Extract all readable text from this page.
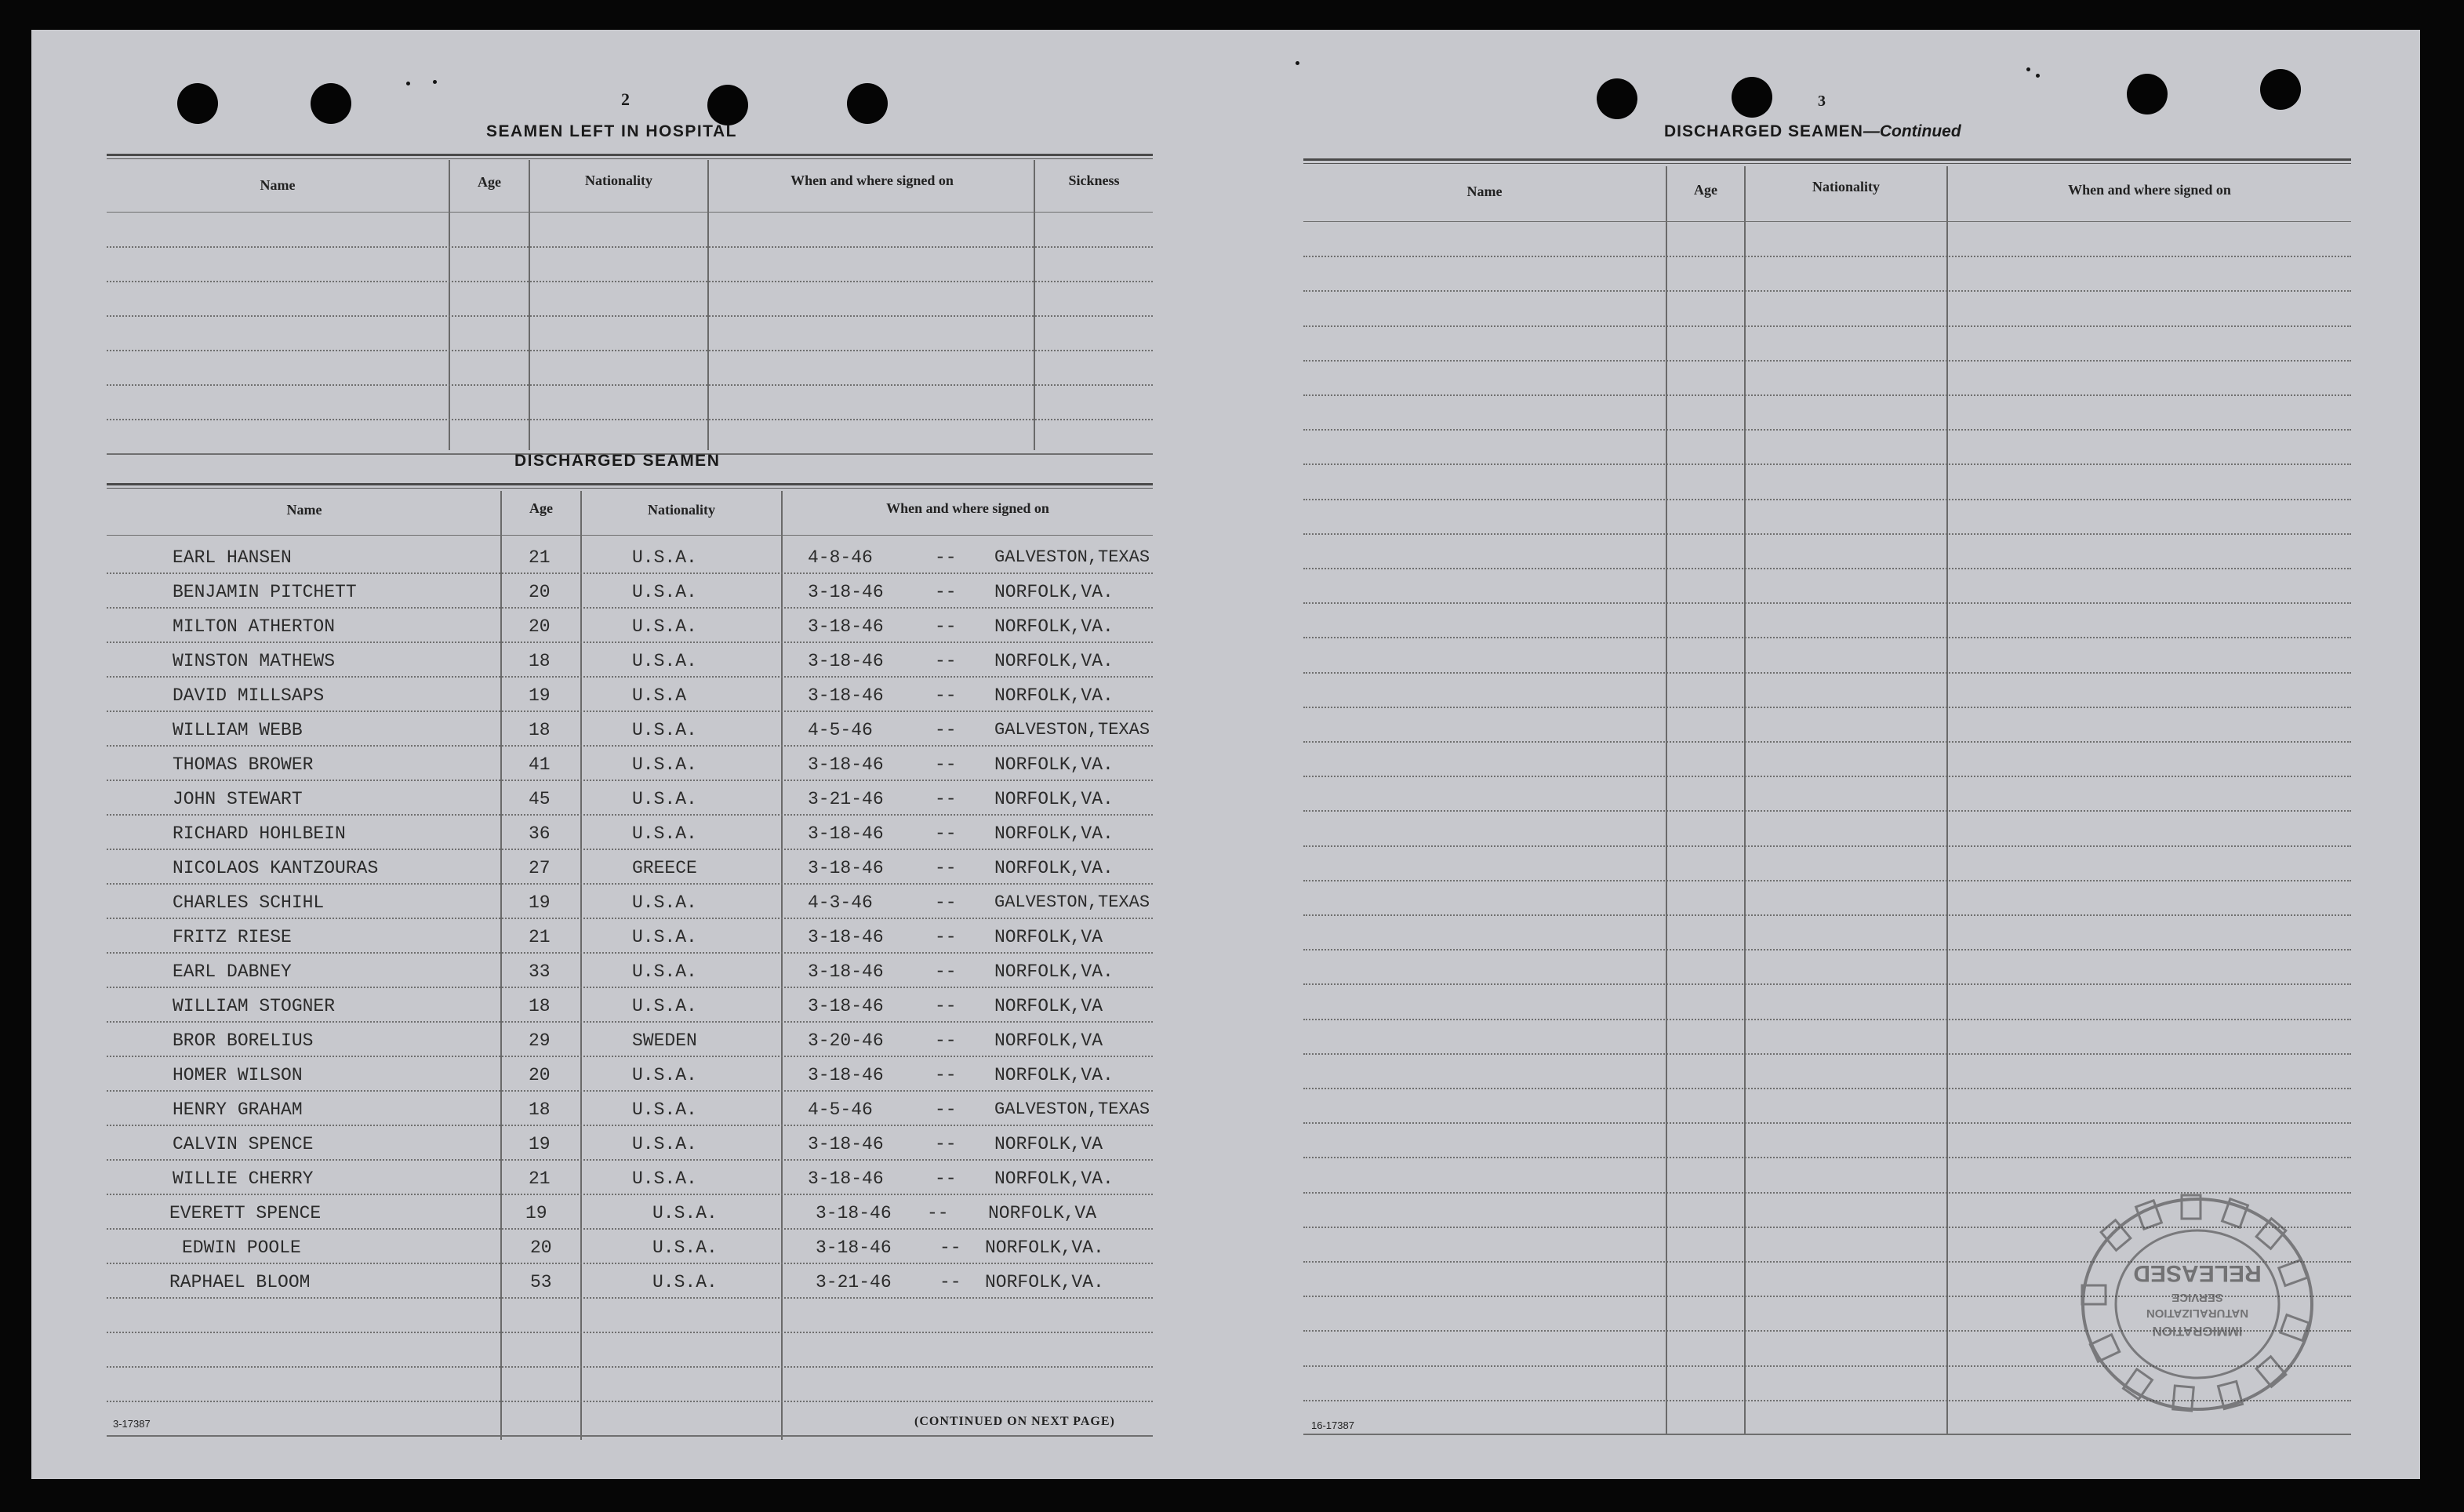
2
SEAMEN LEFT IN HOSPITAL
Name	Age	Nationality	When and where signed on	Sickness
DISCHARGED SEAMEN
Name	Age	Nationality	When and where signed on
EARL HANSEN	21	U.S.A.	4-8-46	-- GALVESTON,TEXAS
BENJAMIN PITCHETT	20	U.S.A.	3-18-46	-- NORFOLK,VA.
MILTON ATHERTON	20	U.S.A.	3-18-46	-- NORFOLK,VA.
WINSTON MATHEWS	18	U.S.A.	3-18-46	-- NORFOLK,VA.
DAVID MILLSAPS	19	U.S.A	3-18-46	-- NORFOLK,VA.
WILLIAM WEBB	18	U.S.A.	4-5-46	-- GALVESTON,TEXAS
THOMAS BROWER	41	U.S.A.	3-18-46	-- NORFOLK,VA.
JOHN STEWART	45	U.S.A.	3-21-46	-- NORFOLK,VA.
RICHARD HOHLBEIN	36	U.S.A.	3-18-46	-- NORFOLK,VA.
NICOLAOS KANTZOURAS	27	GREECE	3-18-46	-- NORFOLK,VA.
CHARLES SCHIHL	19	U.S.A.	4-3-46	-- GALVESTON,TEXAS
FRITZ RIESE	21	U.S.A.	3-18-46	-- NORFOLK,VA
EARL DABNEY	33	U.S.A.	3-18-46	-- NORFOLK,VA.
WILLIAM STOGNER	18	U.S.A.	3-18-46	-- NORFOLK,VA
BROR BORELIUS	29	SWEDEN	3-20-46	-- NORFOLK,VA
HOMER WILSON	20	U.S.A.	3-18-46	-- NORFOLK,VA.
HENRY GRAHAM	18	U.S.A.	4-5-46	-- GALVESTON,TEXAS
CALVIN SPENCE	19	U.S.A.	3-18-46	-- NORFOLK,VA
WILLIE CHERRY	21	U.S.A.	3-18-46	-- NORFOLK,VA.
EVERETT SPENCE	19	U.S.A.	3-18-46 -- NORFOLK,VA
EDWIN POOLE	20	U.S.A.	3-18-46	-- NORFOLK,VA.
RAPHAEL BLOOM	53	U.S.A.	3-21-46	-- NORFOLK,VA.
3-17387	(CONTINUED ON NEXT PAGE)
3
DISCHARGED SEAMEN—Continued
Name	Age	Nationality	When and where signed on
16-17387
IMMIGRATION
NATURALIZATION
SERVICE
RELEASED
